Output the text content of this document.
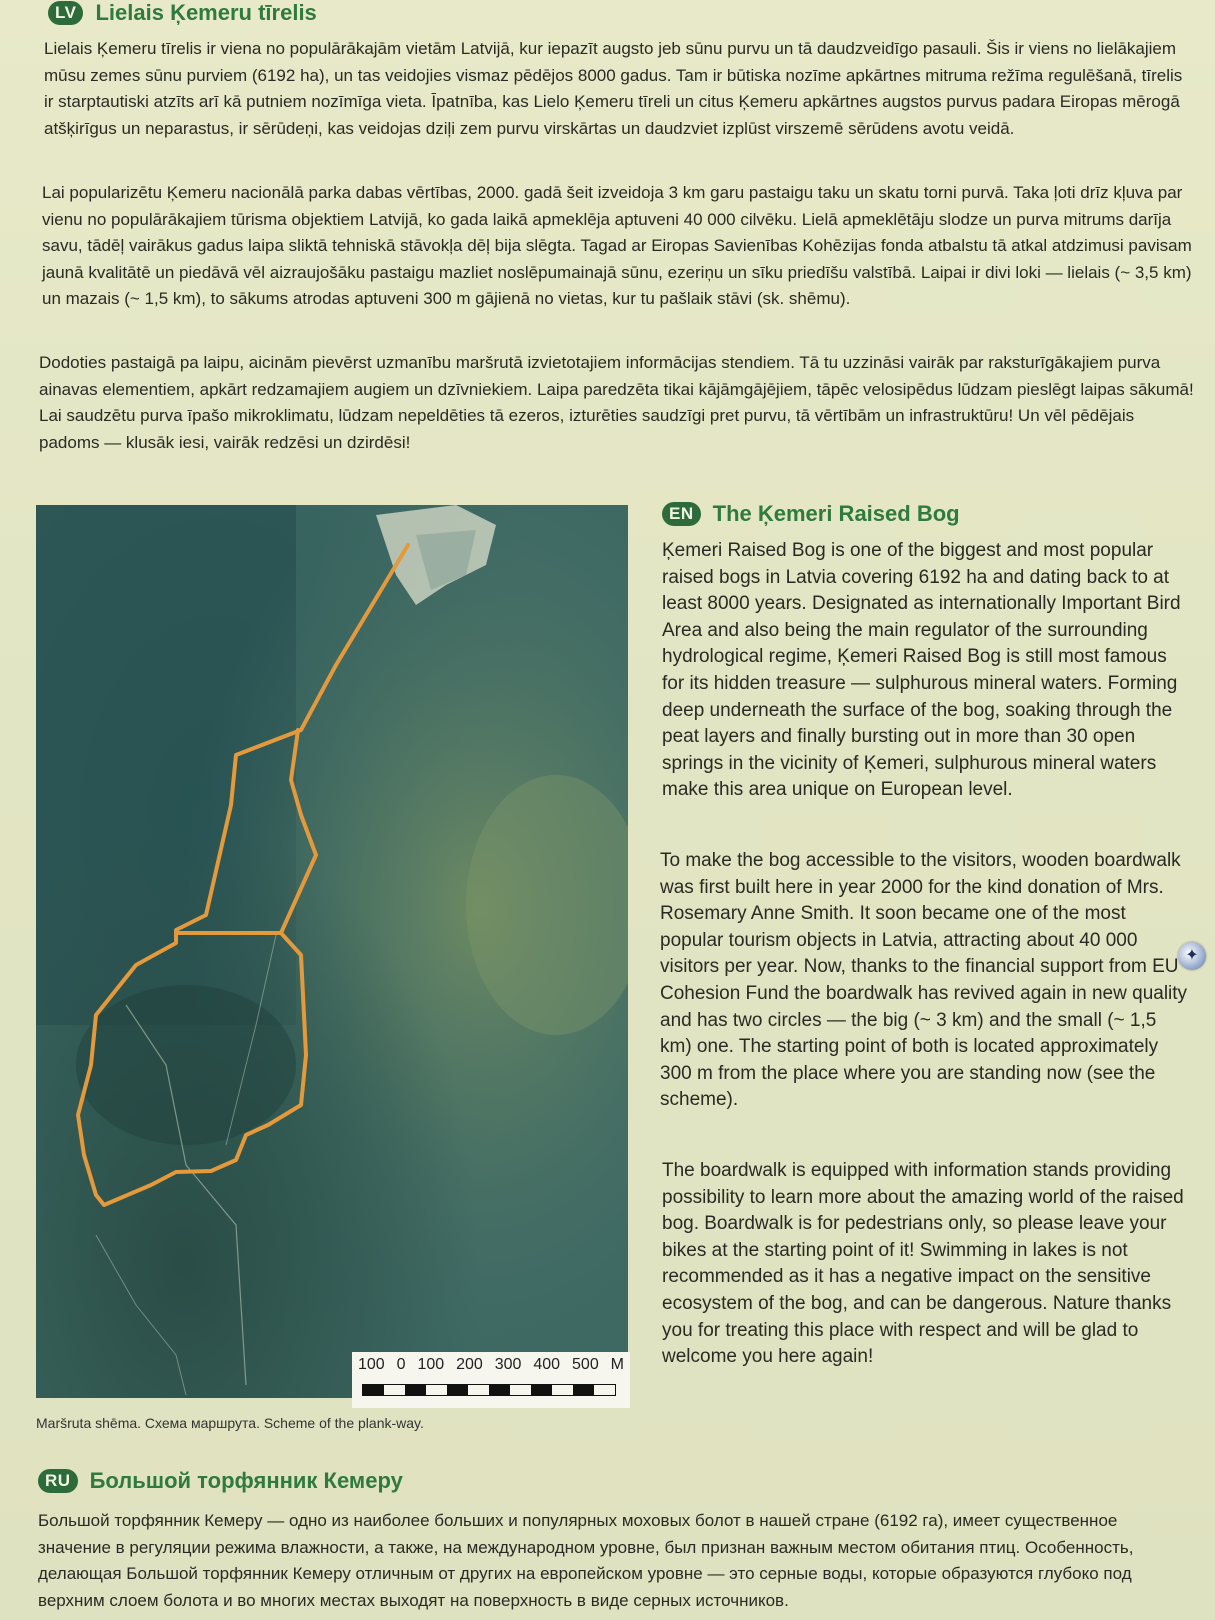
LV Lielais Ķemeru tīrelis

Lielais Ķemeru tīrelis ir viena no populārākajām vietām Latvijā, kur iepazīt augsto jeb sūnu purvu un tā daudzveidīgo pasauli. Šis ir viens no lielākajiem mūsu zemes sūnu purviem (6192 ha), un tas veidojies vismaz pēdējos 8000 gadus. Tam ir būtiska nozīme apkārtnes mitruma režīma regulēšanā, tīrelis ir starptautiski atzīts arī kā putniem nozīmīga vieta. Īpatnība, kas Lielo Ķemeru tīreli un citus Ķemeru apkārtnes augstos purvus padara Eiropas mērogā atšķirīgus un neparastus, ir sērūdeņi, kas veidojas dziļi zem purvu virskārtas un daudzviet izplūst virszemē sērūdens avotu veidā.

Lai popularizētu Ķemeru nacionālā parka dabas vērtības, 2000. gadā šeit izveidoja 3 km garu pastaigu taku un skatu torni purvā. Taka ļoti drīz kļuva par vienu no populārākajiem tūrisma objektiem Latvijā, ko gada laikā apmeklēja aptuveni 40 000 cilvēku. Lielā apmeklētāju slodze un purva mitrums darīja savu, tādēļ vairākus gadus laipa sliktā tehniskā stāvokļa dēļ bija slēgta. Tagad ar Eiropas Savienības Kohēzijas fonda atbalstu tā atkal atdzimusi pavisam jaunā kvalitātē un piedāvā vēl aizraujošāku pastaigu mazliet noslēpumainajā sūnu, ezeriņu un sīku priedīšu valstībā. Laipai ir divi loki — lielais (~ 3,5 km) un mazais (~ 1,5 km), to sākums atrodas aptuveni 300 m gājienā no vietas, kur tu pašlaik stāvi (sk. shēmu).

Dodoties pastaigā pa laipu, aicinām pievērst uzmanību maršrutā izvietotajiem informācijas stendiem. Tā tu uzzināsi vairāk par raksturīgākajiem purva ainavas elementiem, apkārt redzamajiem augiem un dzīvniekiem. Laipa paredzēta tikai kājāmgājējiem, tāpēc velosipēdus lūdzam pieslēgt laipas sākumā! Lai saudzētu purva īpašo mikroklimatu, lūdzam nepeldēties tā ezeros, izturēties saudzīgi pret purvu, tā vērtībām un infrastruktūru! Un vēl pēdējais padoms — klusāk iesi, vairāk redzēsi un dzirdēsi!

100 0 100 200 300 400 500 M
Maršruta shēma. Схема маршрута. Scheme of the plank-way.
EN The Ķemeri Raised Bog

Ķemeri Raised Bog is one of the biggest and most popular raised bogs in Latvia covering 6192 ha and dating back to at least 8000 years. Designated as internationally Important Bird Area and also being the main regulator of the surrounding hydrological regime, Ķemeri Raised Bog is still most famous for its hidden treasure — sulphurous mineral waters. Forming deep underneath the surface of the bog, soaking through the peat layers and finally bursting out in more than 30 open springs in the vicinity of Ķemeri, sulphurous mineral waters make this area unique on European level.

To make the bog accessible to the visitors, wooden boardwalk was first built here in year 2000 for the kind donation of Mrs. Rosemary Anne Smith. It soon became one of the most popular tourism objects in Latvia, attracting about 40 000 visitors per year. Now, thanks to the financial support from EU Cohesion Fund the boardwalk has revived again in new quality and has two circles — the big (~ 3 km) and the small (~ 1,5 km) one. The starting point of both is located approximately 300 m from the place where you are standing now (see the scheme).

The boardwalk is equipped with information stands providing possibility to learn more about the amazing world of the raised bog. Boardwalk is for pedestrians only, so please leave your bikes at the starting point of it! Swimming in lakes is not recommended as it has a negative impact on the sensitive ecosystem of the bog, and can be dangerous. Nature thanks you for treating this place with respect and will be glad to welcome you here again!

✦
RU Большой торфянник Кемеру

Большой торфянник Кемеру — одно из наиболее больших и популярных моховых болот в нашей стране (6192 га), имеет существенное значение в регуляции режима влажности, а также, на международном уровне, был признан важным местом обитания птиц. Особенность, делающая Большой торфянник Кемеру отличным от других на европейском уровне — это серные воды, которые образуются глубоко под верхним слоем болота и во многих местах выходят на поверхность в виде серных источников.
